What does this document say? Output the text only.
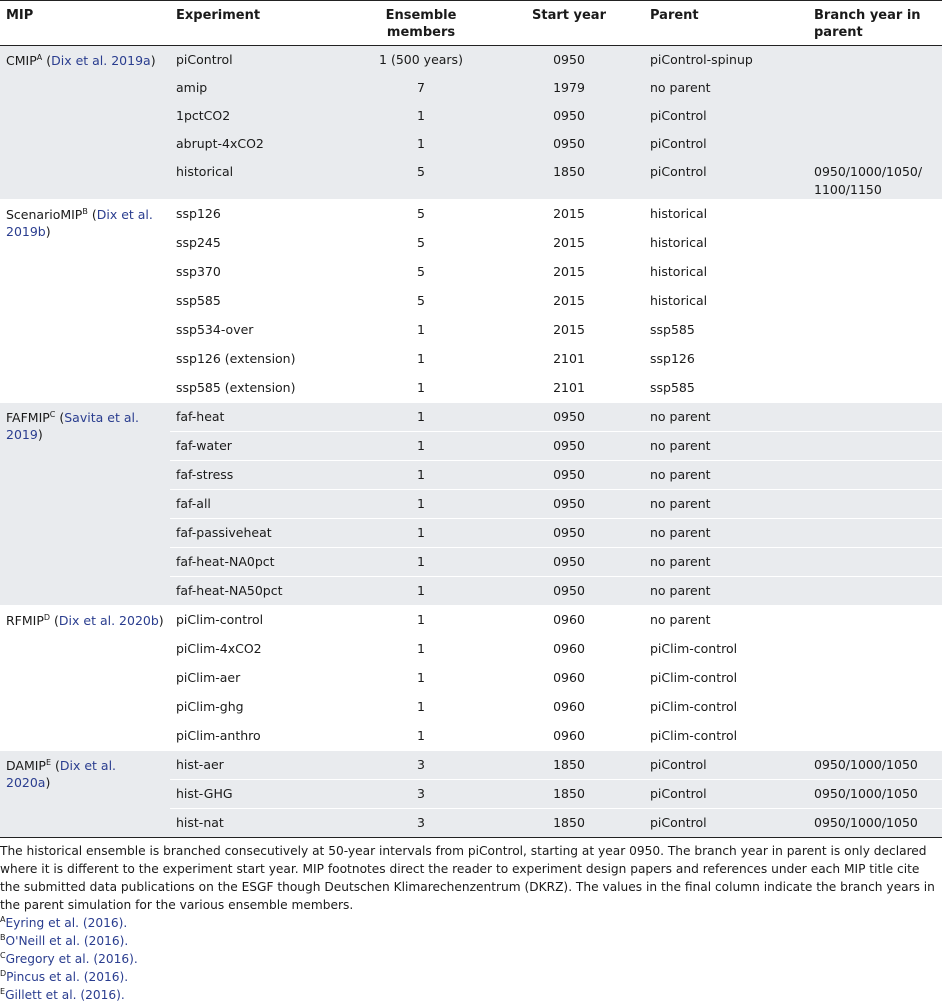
MIP	Experiment	Ensemble
members	Start year	Parent	Branch year in
parent

$CMIP^A$ (Dix et al. 2019a)	piControl	1 (500 years)	0950	piControl-spinup	

	amip	7	1979	no parent	

	1pctCO2	1	0950	piControl	

	abrupt-4xCO2	1	0950	piControl	

	historical	5	1850	piControl	0950/1000/1050/ 1100/1150

ScenarioMIP$^B$ (Dix et al. 2019b)	ssp126	5	2015	historical	

	ssp245	5	2015	historical	

	ssp370	5	2015	historical	

	ssp585	5	2015	historical	

	ssp534-over	1	2015	ssp585	

	ssp126 (extension)	1	2101	ssp126	

	ssp585 (extension)	1	2101	ssp585	

$FAFMIP^C$ (Savita et al. 2019)	faf-heat	1	0950	no parent	

	faf-water	1	0950	no parent	

	faf-stress	1	0950	no parent	

	faf-all	1	0950	no parent	

	faf-passiveheat	1	0950	no parent	

	faf-heat-NA0pct	1	0950	no parent	

	faf-heat-NA50pct	1	0950	no parent	

$RFMIP^D$ (Dix et al. 2020b)	piClim-control	1	0960	no parent	

	piClim-4xCO2	1	0960	piClim-control	

	piClim-aer	1	0960	piClim-control	

	piClim-ghg	1	0960	piClim-control	

	piClim-anthro	1	0960	piClim-control	

$DAMIP^E$ (Dix et al. 2020a)	hist-aer	3	1850	piControl	0950/1000/1050

	hist-GHG	3	1850	piControl	0950/1000/1050

	hist-nat	3	1850	piControl	0950/1000/1050

The historical ensemble is branched consecutively at 50-year intervals from piControl, starting at year 0950. The branch year in parent is only declared where it is different to the experiment start year. MIP footnotes direct the reader to experiment design papers and references under each MIP title cite the submitted data publications on the ESGF though Deutschen Klimarechenzentrum (DKRZ). The values in the final column indicate the branch years in the parent simulation for the various ensemble members.

$^A$Eyring et al. (2016).

$^B$O'Neill et al. (2016).

$^C$Gregory et al. (2016).

$^D$Pincus et al. (2016).

$^E$Gillett et al. (2016).
